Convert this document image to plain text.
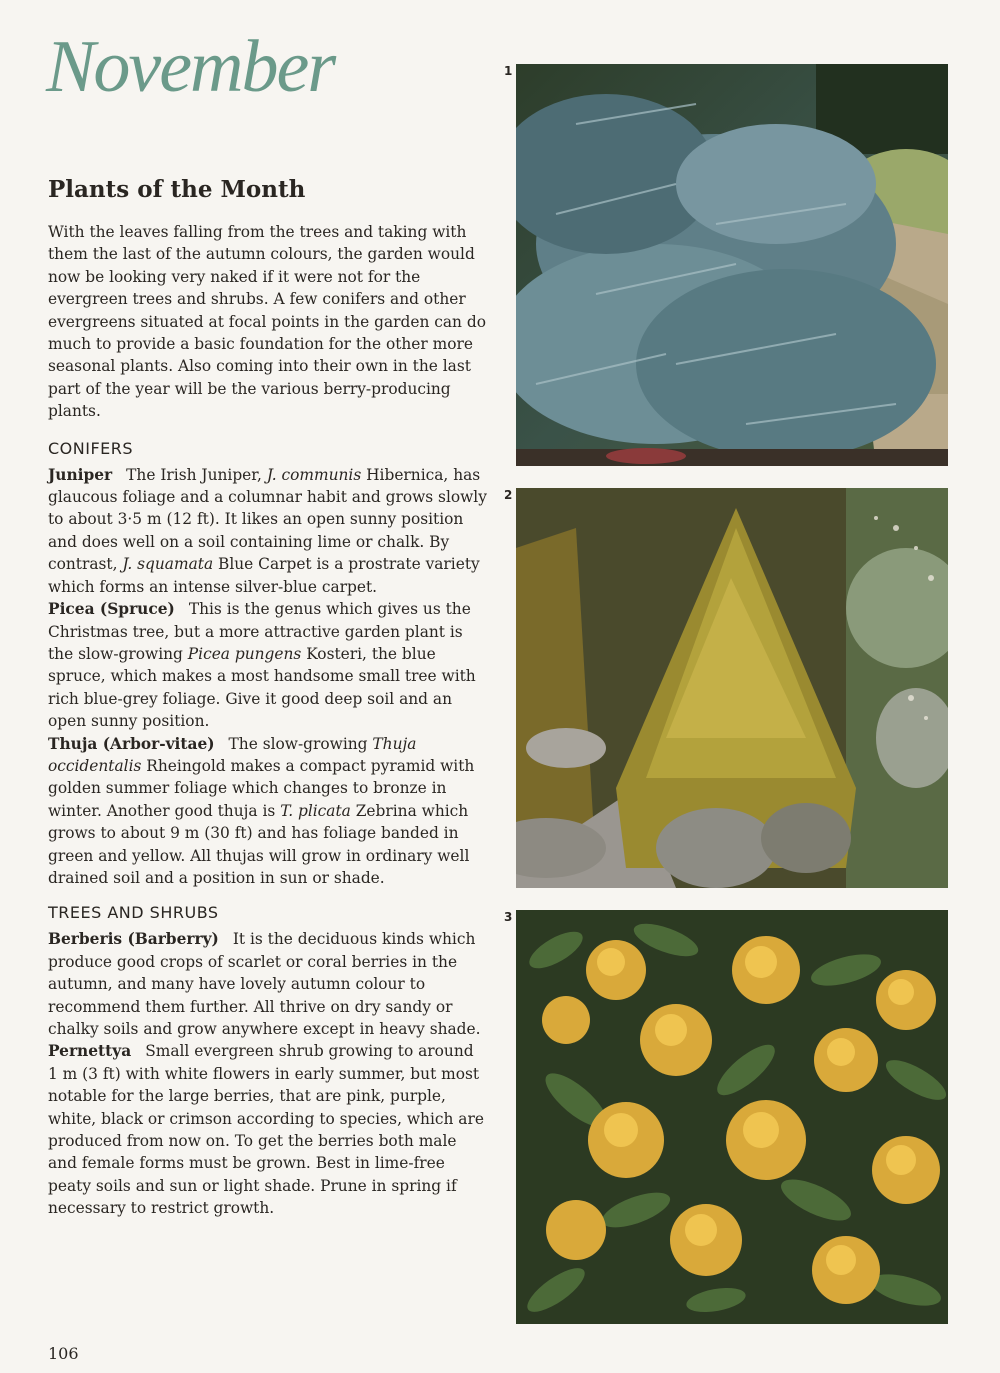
November
Plants of the Month

With the leaves falling from the trees and taking with them the last of the autumn colours, the garden would now be looking very naked if it were not for the evergreen trees and shrubs. A few conifers and other evergreens situated at focal points in the garden can do much to provide a basic foundation for the other more seasonal plants. Also coming into their own in the last part of the year will be the various berry-producing plants.

CONIFERS

Juniper The Irish Juniper, J. communis Hibernica, has glaucous foliage and a columnar habit and grows slowly to about 3·5 m (12 ft). It likes an open sunny position and does well on a soil containing lime or chalk. By contrast, J. squamata Blue Carpet is a prostrate variety which forms an intense silver-blue carpet.

Picea (Spruce) This is the genus which gives us the Christmas tree, but a more attractive garden plant is the slow-growing Picea pungens Kosteri, the blue spruce, which makes a most handsome small tree with rich blue-grey foliage. Give it good deep soil and an open sunny position.

Thuja (Arbor-vitae) The slow-growing Thuja occidentalis Rheingold makes a compact pyramid with golden summer foliage which changes to bronze in winter. Another good thuja is T. plicata Zebrina which grows to about 9 m (30 ft) and has foliage banded in green and yellow. All thujas will grow in ordinary well drained soil and a position in sun or shade.

TREES AND SHRUBS

Berberis (Barberry) It is the deciduous kinds which produce good crops of scarlet or coral berries in the autumn, and many have lovely autumn colour to recommend them further. All thrive on dry sandy or chalky soils and grow anywhere except in heavy shade.

Pernettya Small evergreen shrub growing to around 1 m (3 ft) with white flowers in early summer, but most notable for the large berries, that are pink, purple, white, black or crimson according to species, which are produced from now on. To get the berries both male and female forms must be grown. Best in lime-free peaty soils and sun or light shade. Prune in spring if necessary to restrict growth.

106
1
2
3
